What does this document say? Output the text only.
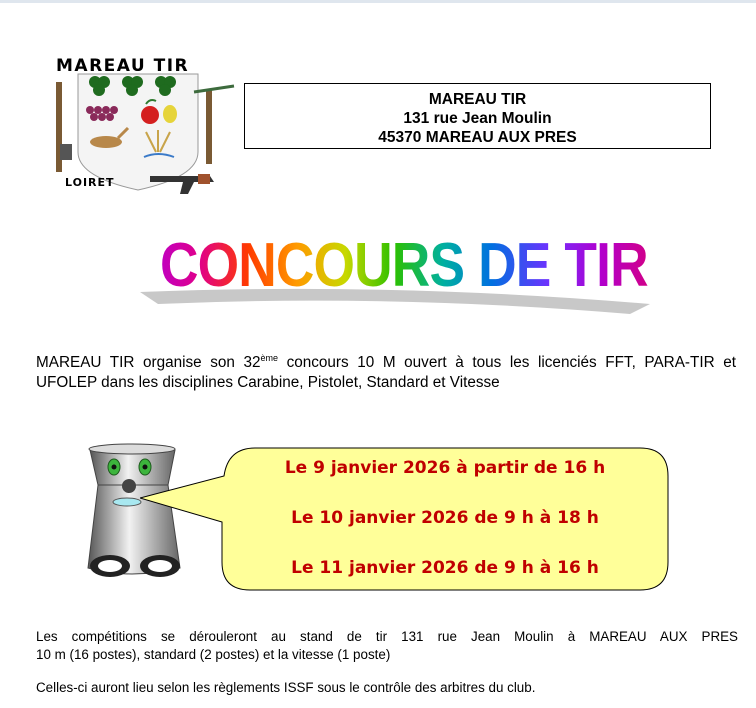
MAREAU TIR
LOIRET
MAREAU TIR
131 rue Jean Moulin
45370 MAREAU AUX PRES
CONCOURS DE TIR
MAREAU TIR organise son 32ème concours 10 M ouvert à tous les licenciés FFT, PARA-TIR et UFOLEP dans les disciplines Carabine, Pistolet, Standard et Vitesse
Le 9 janvier 2026 à partir de 16 h
Le 10 janvier 2026 de 9 h à 18 h
Le 11 janvier 2026 de 9 h à 16 h

Les compétitions se dérouleront au stand de tir 131 rue Jean Moulin à MAREAU AUX PRES

10 m (16 postes), standard (2 postes) et la vitesse (1 poste)

Celles-ci auront lieu selon les règlements ISSF sous le contrôle des arbitres du club.
